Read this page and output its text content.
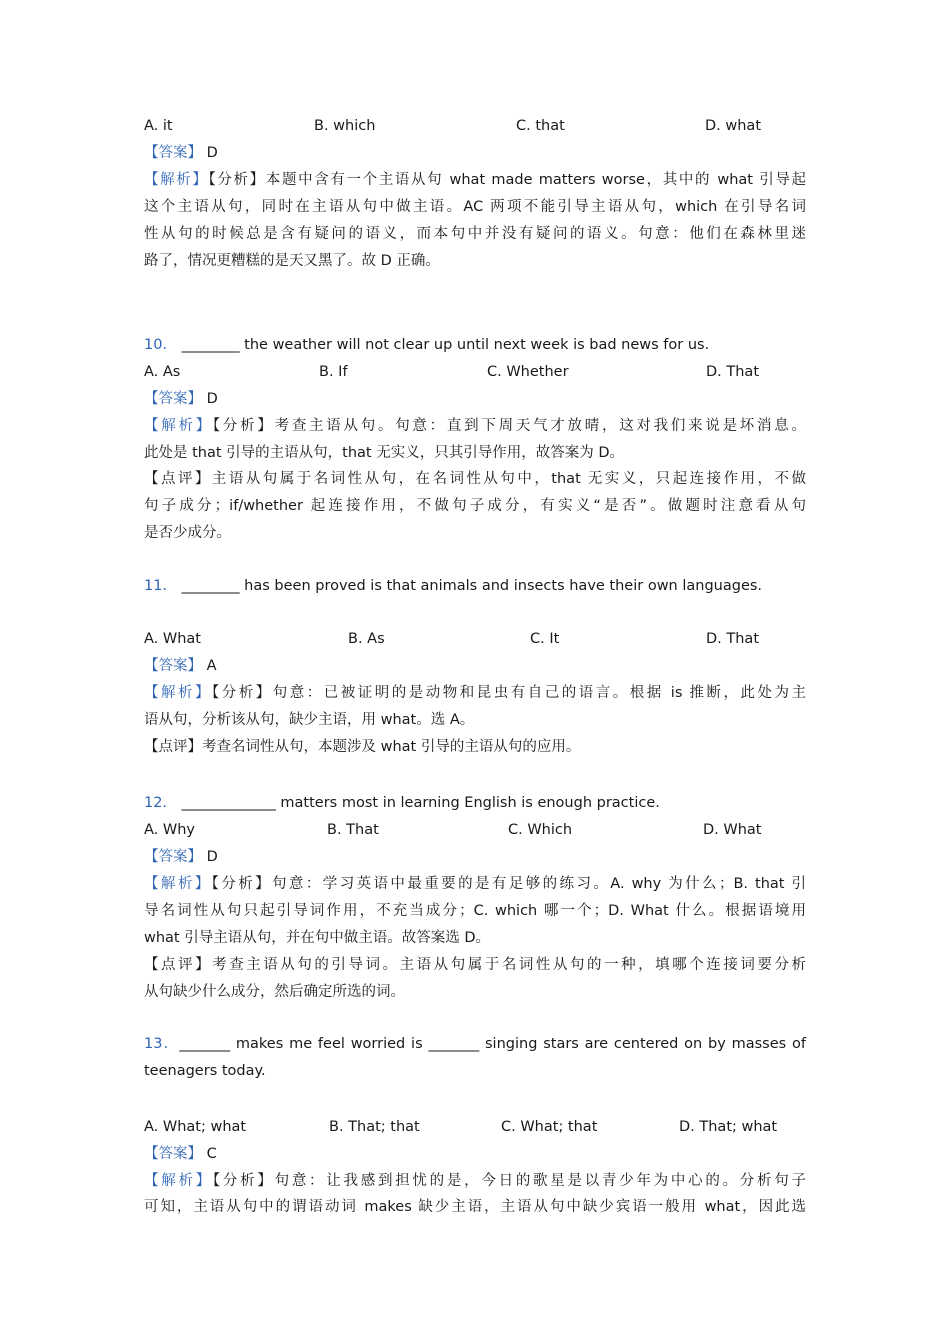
A. it	B. which	C. that	D. what
【答案】 D
【解析】【分析】本题中含有一个主语从句 what made matters worse，其中的 what 引导起
这个主语从句，同时在主语从句中做主语。AC 两项不能引导主语从句，which 在引导名词
性从句的时候总是含有疑问的语义，而本句中并没有疑问的语义。句意：他们在森林里迷
路了，情况更糟糕的是天又黑了。故 D 正确。
10． ________ the weather will not clear up until next week is bad news for us.
A. As	B. If	C. Whether	D. That
【答案】 D
【解析】【分析】考查主语从句。句意：直到下周天气才放晴，这对我们来说是坏消息。
此处是 that 引导的主语从句，that 无实义，只其引导作用，故答案为 D。
【点评】主语从句属于名词性从句，在名词性从句中，that 无实义，只起连接作用，不做
句子成分；if/whether 起连接作用，不做句子成分，有实义“是否”。做题时注意看从句
是否少成分。
11． ________ has been proved is that animals and insects have their own languages.
A. What	B. As	C. It	D. That
【答案】 A
【解析】【分析】句意：已被证明的是动物和昆虫有自己的语言。根据 is 推断，此处为主
语从句，分析该从句，缺少主语，用 what。选 A。
【点评】考查名词性从句，本题涉及 what 引导的主语从句的应用。
12． _____________ matters most in learning English is enough practice.
A. Why	B. That	C. Which	D. What
【答案】 D
【解析】【分析】句意：学习英语中最重要的是有足够的练习。A. why 为什么；B. that 引
导名词性从句只起引导词作用，不充当成分；C. which 哪一个；D. What 什么。根据语境用
what 引导主语从句，并在句中做主语。故答案选 D。
【点评】考查主语从句的引导词。主语从句属于名词性从句的一种，填哪个连接词要分析
从句缺少什么成分，然后确定所选的词。
13．_______ makes me feel worried is _______ singing stars are centered on by masses of
teenagers today.
A. What; what	B. That; that	C. What; that	D. That; what
【答案】 C
【解析】【分析】句意：让我感到担忧的是，今日的歌星是以青少年为中心的。分析句子
可知，主语从句中的谓语动词 makes 缺少主语，主语从句中缺少宾语一般用 what，因此选
